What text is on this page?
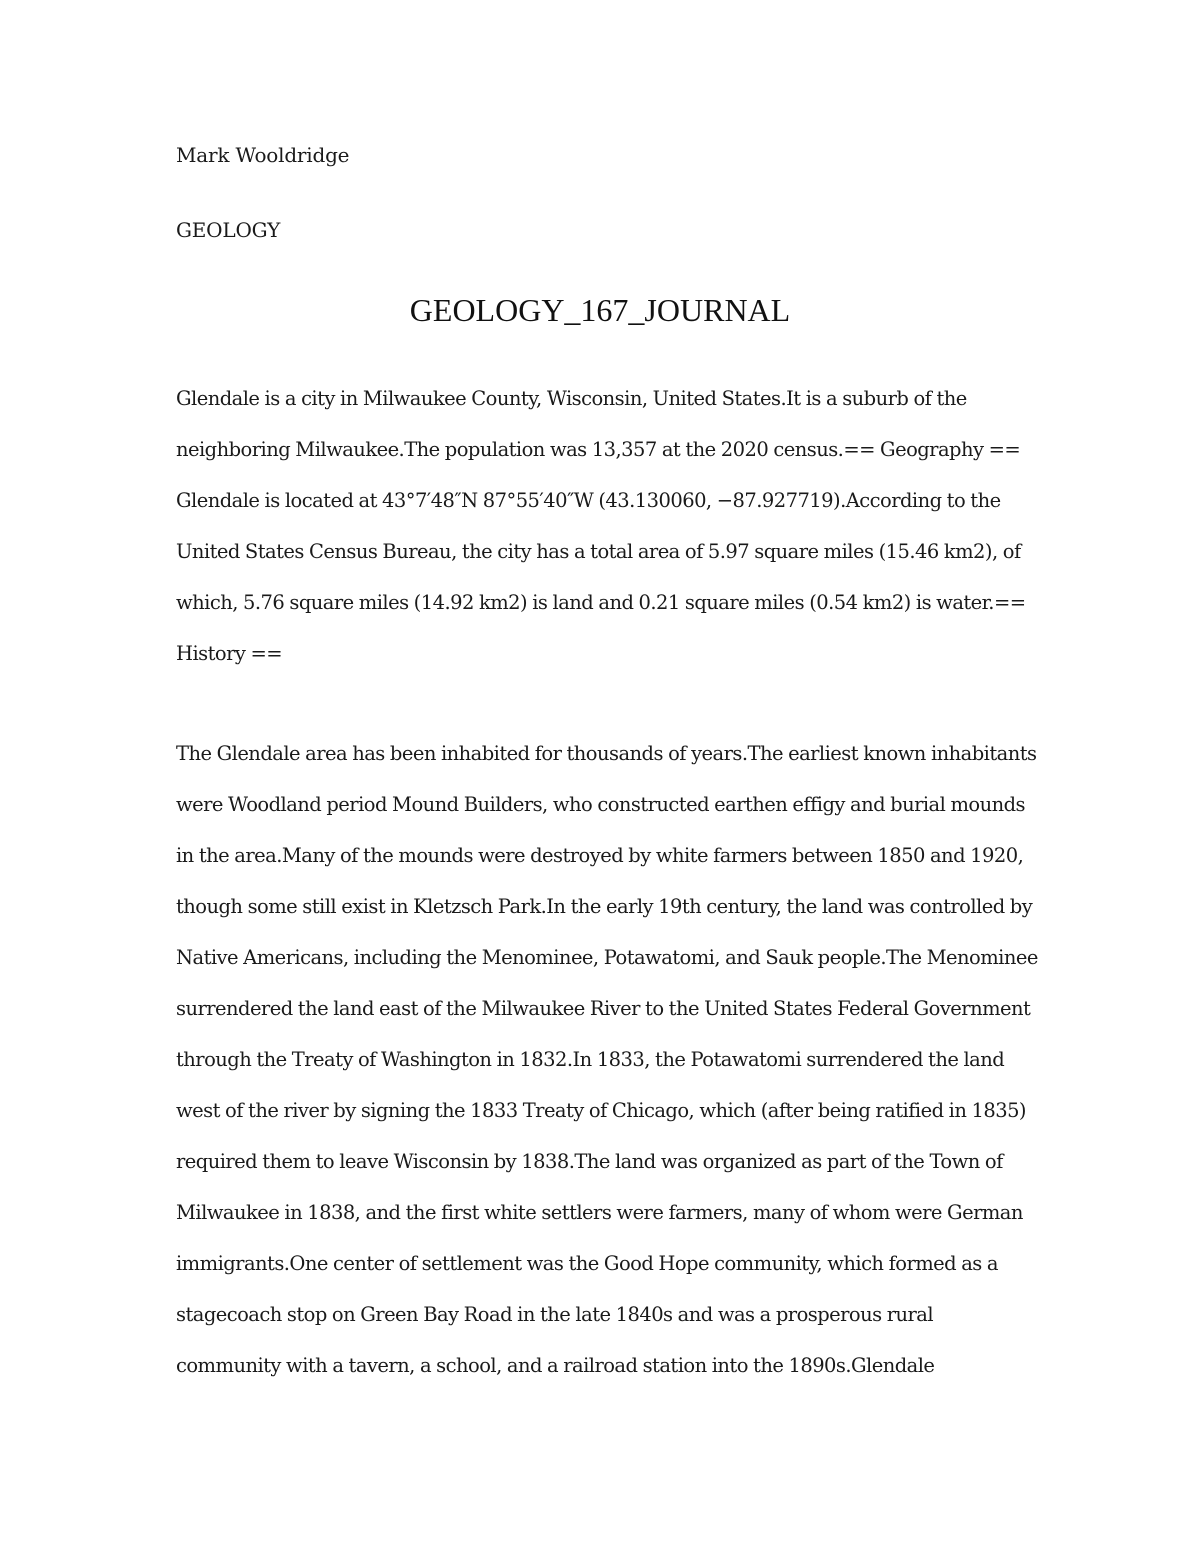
Mark Wooldridge
GEOLOGY
GEOLOGY_167_JOURNAL

Glendale is a city in Milwaukee County, Wisconsin, United States.It is a suburb of the
neighboring Milwaukee.The population was 13,357 at the 2020 census.== Geography ==
Glendale is located at 43°7′48″N 87°55′40″W (43.130060, −87.927719).According to the
United States Census Bureau, the city has a total area of 5.97 square miles (15.46 km2), of
which, 5.76 square miles (14.92 km2) is land and 0.21 square miles (0.54 km2) is water.==
History ==

The Glendale area has been inhabited for thousands of years.The earliest known inhabitants
were Woodland period Mound Builders, who constructed earthen effigy and burial mounds
in the area.Many of the mounds were destroyed by white farmers between 1850 and 1920,
though some still exist in Kletzsch Park.In the early 19th century, the land was controlled by
Native Americans, including the Menominee, Potawatomi, and Sauk people.The Menominee
surrendered the land east of the Milwaukee River to the United States Federal Government
through the Treaty of Washington in 1832.In 1833, the Potawatomi surrendered the land
west of the river by signing the 1833 Treaty of Chicago, which (after being ratified in 1835)
required them to leave Wisconsin by 1838.The land was organized as part of the Town of
Milwaukee in 1838, and the first white settlers were farmers, many of whom were German
immigrants.One center of settlement was the Good Hope community, which formed as a
stagecoach stop on Green Bay Road in the late 1840s and was a prosperous rural
community with a tavern, a school, and a railroad station into the 1890s.Glendale
